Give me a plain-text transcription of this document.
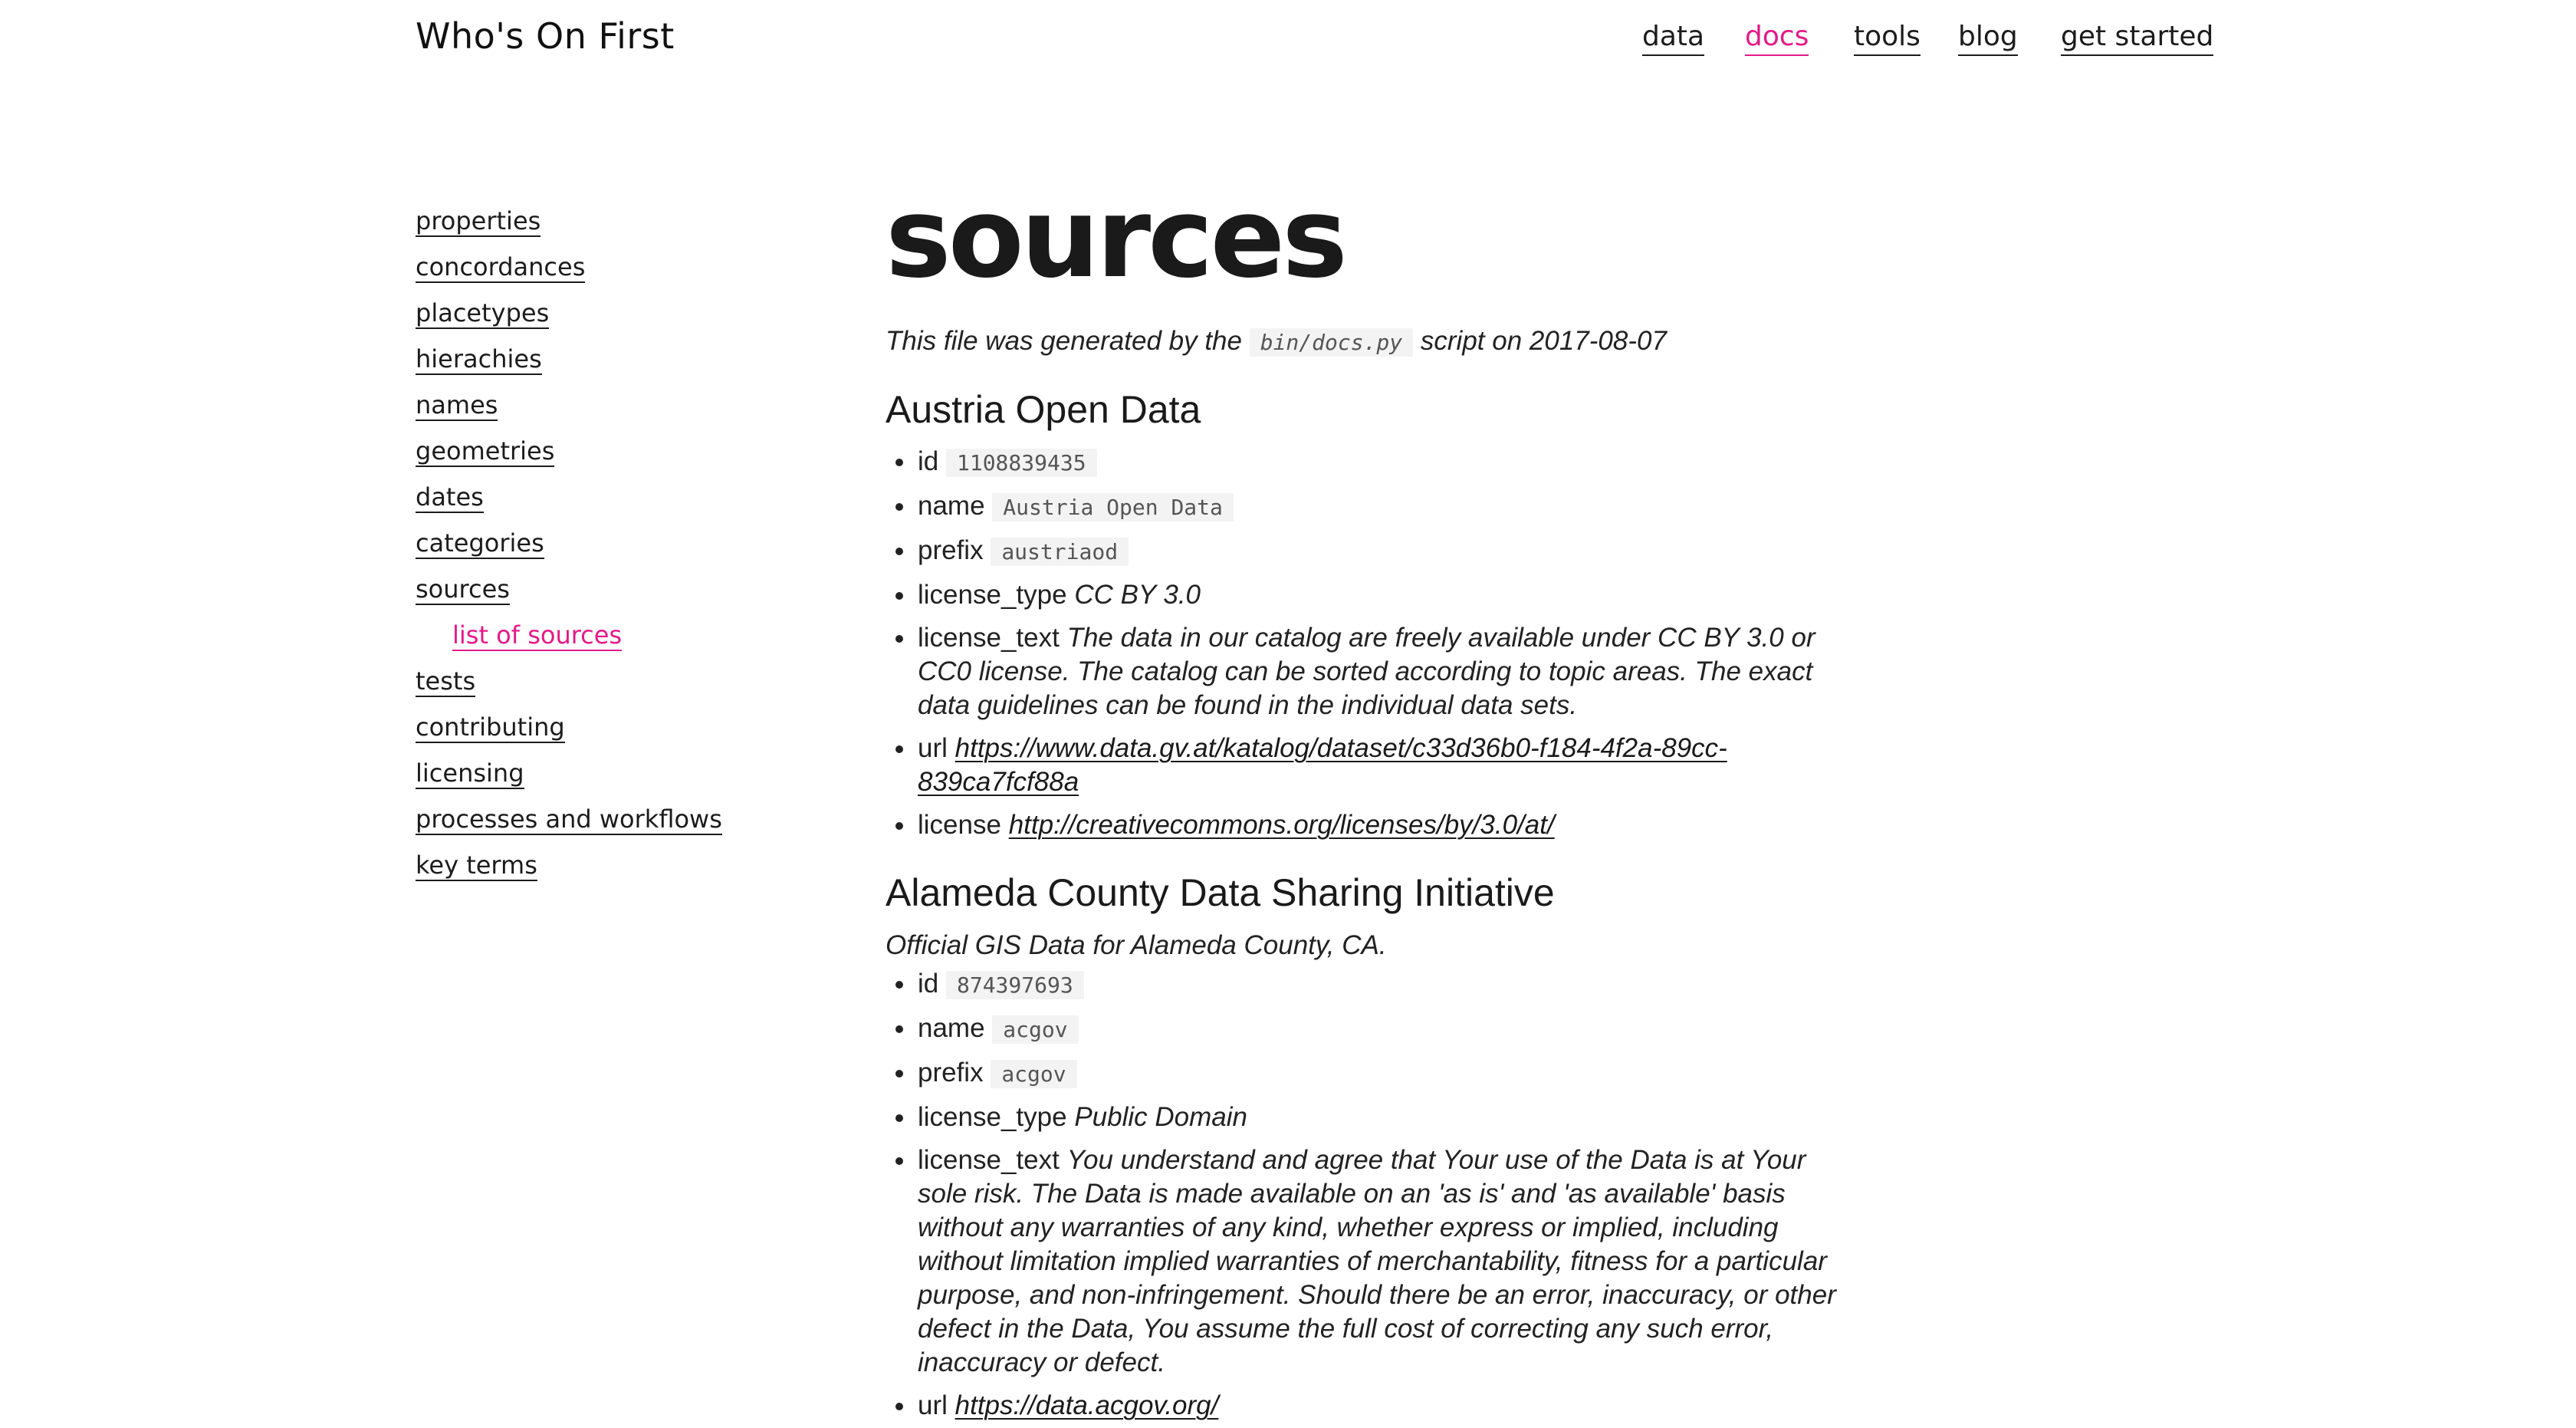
Who's On First	data docs tools blog get started
properties
concordances
placetypes
hierachies
names
geometries
dates
categories
sources
list of sources
tests
contributing
licensing
processes and workflows
key terms
sources

This file was generated by the bin/docs.py script on 2017-08-07

Austria Open Data
• id 1108839435
• name Austria Open Data
• prefix austriaod
• license_type CC BY 3.0
• license_text The data in our catalog are freely available under CC BY 3.0 or CC0 license. The catalog can be sorted according to topic areas. The exact data guidelines can be found in the individual data sets.
• url https://www.data.gv.at/katalog/dataset/c33d36b0-f184-4f2a-89cc-839ca7fcf88a
• license http://creativecommons.org/licenses/by/3.0/at/
Alameda County Data Sharing Initiative

Official GIS Data for Alameda County, CA.

• id 874397693
• name acgov
• prefix acgov
• license_type Public Domain
• license_text You understand and agree that Your use of the Data is at Your sole risk. The Data is made available on an 'as is' and 'as available' basis without any warranties of any kind, whether express or implied, including without limitation implied warranties of merchantability, fitness for a particular purpose, and non-infringement. Should there be an error, inaccuracy, or other defect in the Data, You assume the full cost of correcting any such error, inaccuracy or defect.
• url https://data.acgov.org/
